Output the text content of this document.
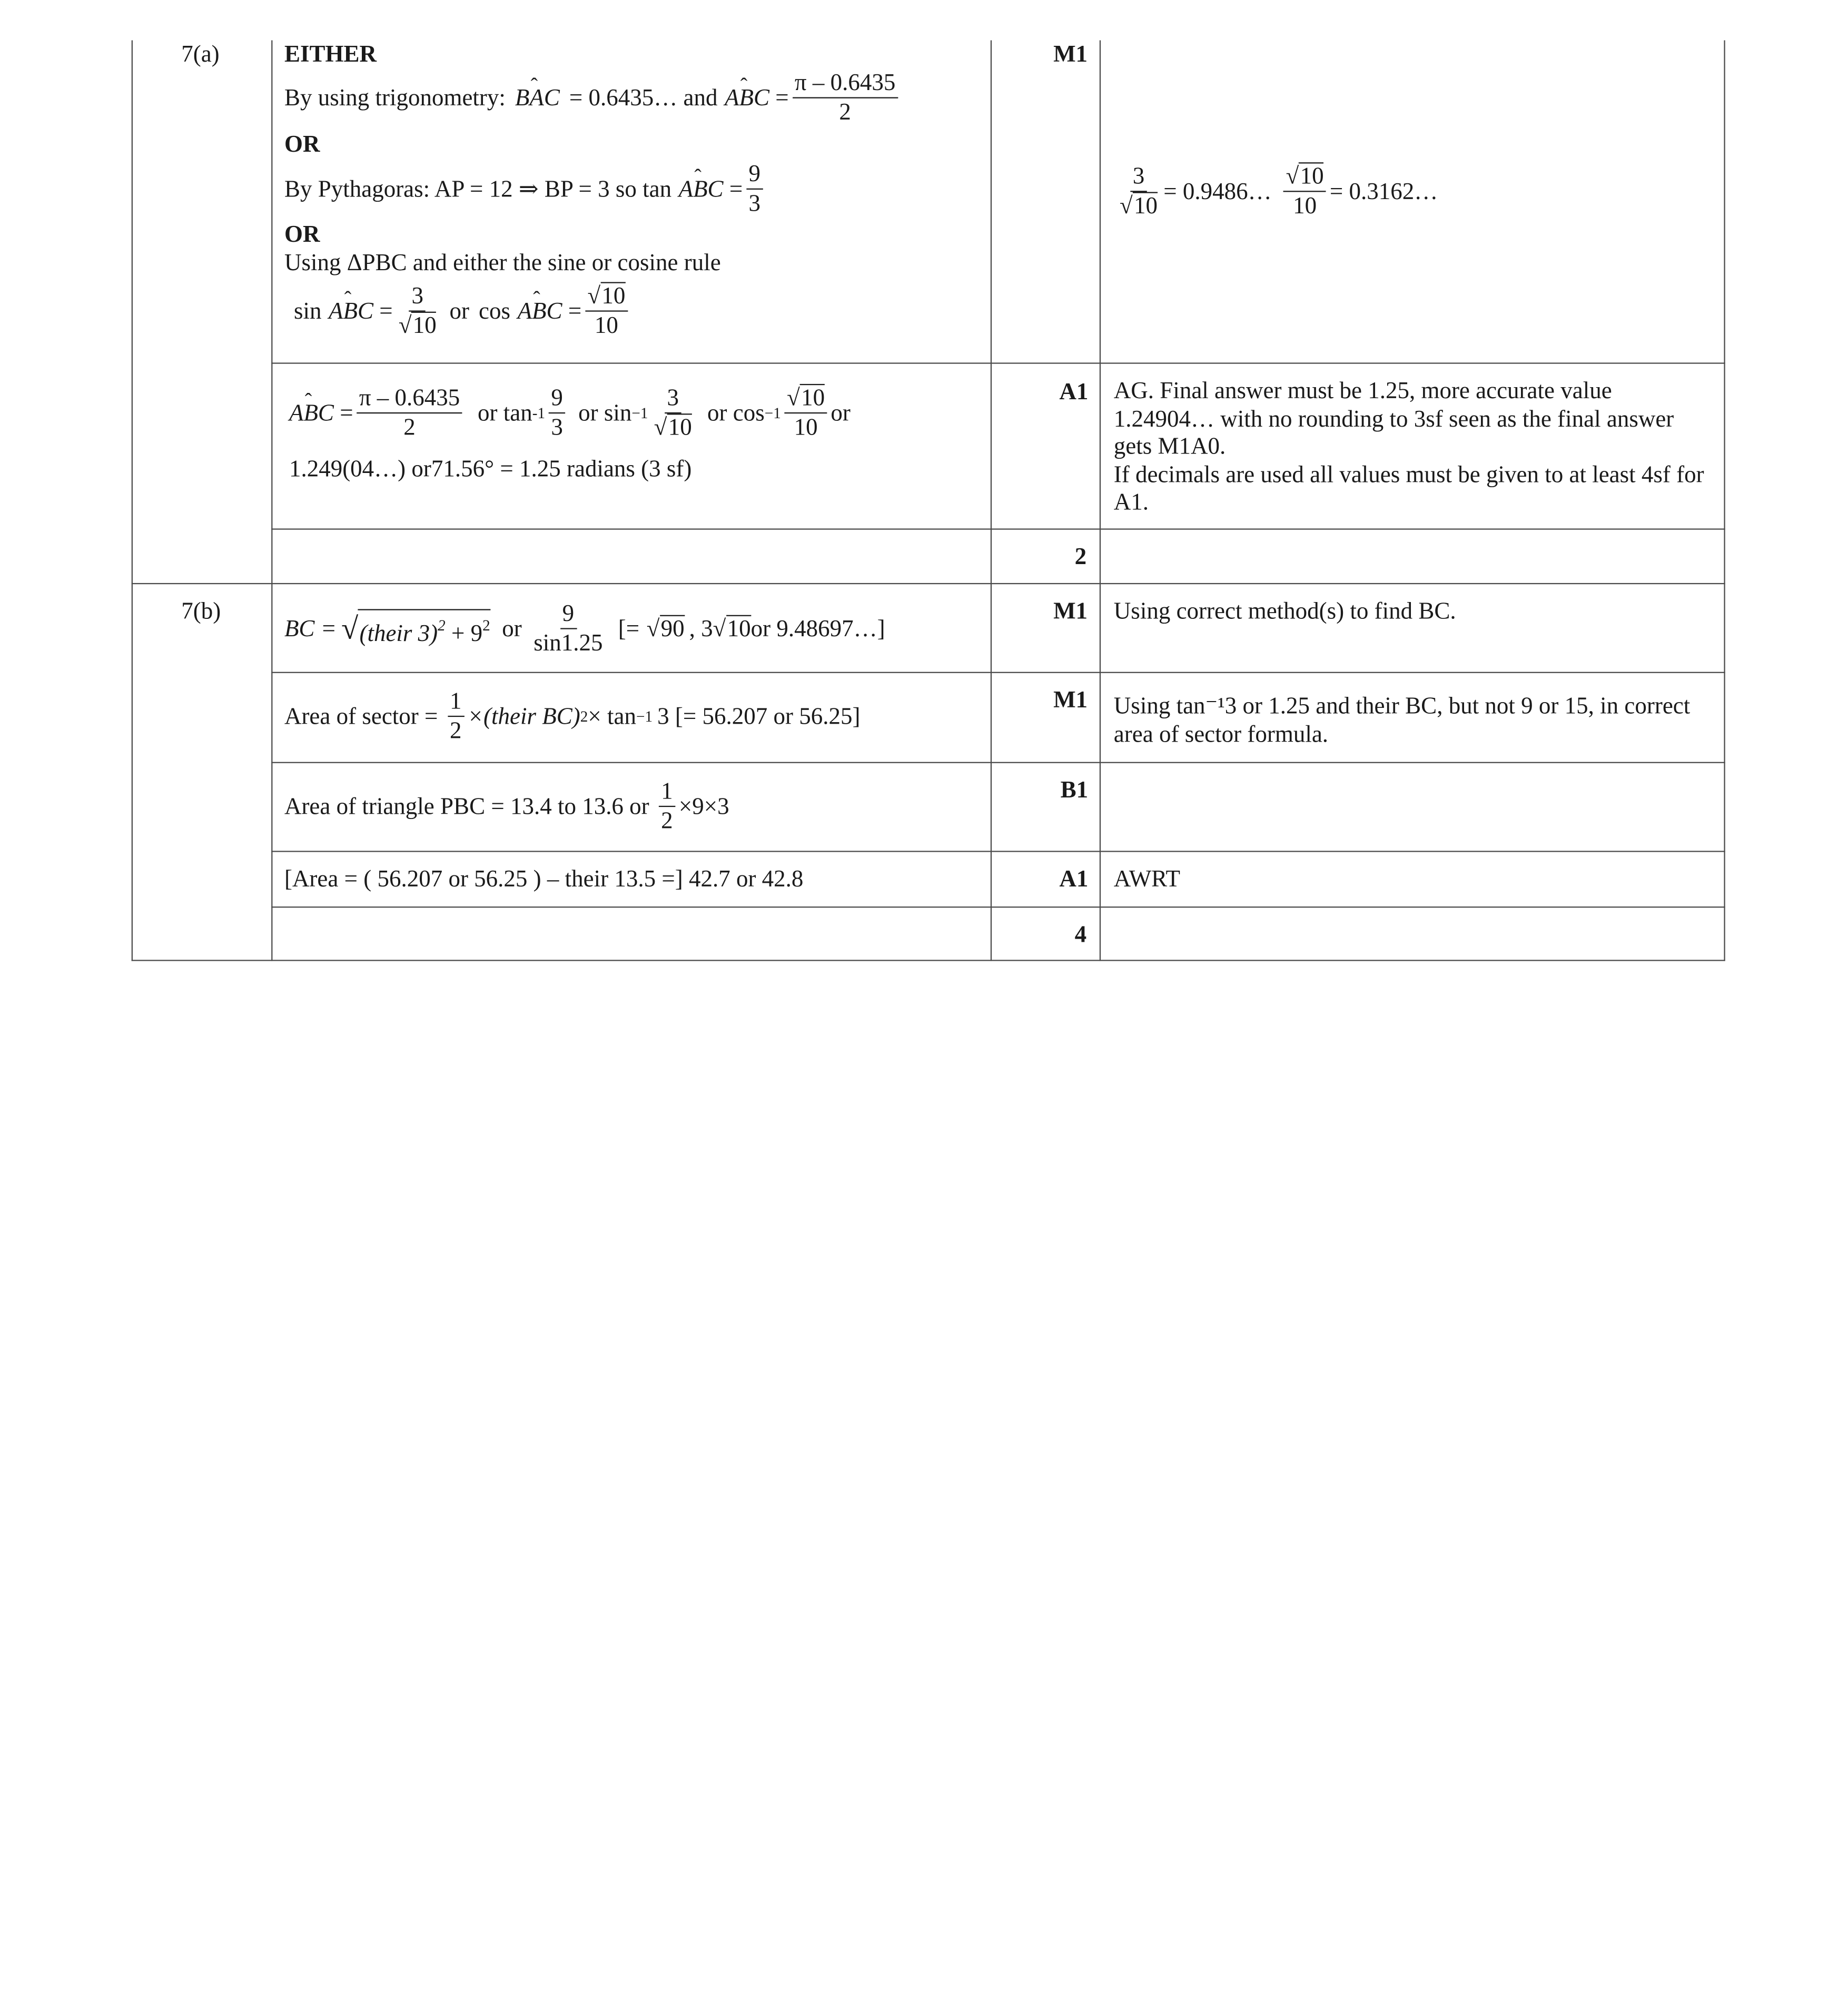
7(a)	EITHER
By using trigonometry: Bˆ AC = 0.6435… and Aˆ BC = $\frac{\pi - 0.6435}{2}$
OR
By Pythagoras: AP = 12 ⇒ BP = 3 so tan Aˆ BC = $\frac{9}{3}$
OR
Using ΔPBC and either the sine or cosine rule
sin Aˆ BC = $\frac{3}{√ 10}$ or cos Aˆ BC = $\frac{√ 10}{10}$
M1
$\frac{3}{√ 10}$ = 0.9486… $\frac{√ 10}{10}$ = 0.3162…
Aˆ BC = $\frac{\pi - 0.6435}{2}$ or $\tan -1 \frac{9}{3}$ or $\sin -1 \frac{3}{√ 10}$ or $\cos -1 \frac{√ 10}{10}$ or
1.249(04…) or71.56° = 1.25 radians (3 sf)
A1 AG. Final answer must be 1.25, more accurate value 1.24904… with no rounding to 3sf seen as the final answer gets M1A0.
If decimals are used all values must be given to at least 4sf for A1.
2
7(b)
BC = √ (their $3)^2 + 9^2$ or $\frac{9}{\sin 1.25}$ [= √ 90 , 3 √ 10 or 9.48697…]
M1 Using correct method(s) to find BC.
Area of sector = $\frac{1}{2}$ ×(their BC) 2 × tan −1 3 [= 56.207 or 56.25]
M1 Using tan⁻¹3 or 1.25 and their BC, but not 9 or 15, in correct area of sector formula.
Area of triangle PBC = 13.4 to 13.6 or $\frac{1}{2} \times 9\times 3$
B1
[Area = ( 56.207 or 56.25 ) – their 13.5 =] 42.7 or 42.8	A1 AWRT
4
